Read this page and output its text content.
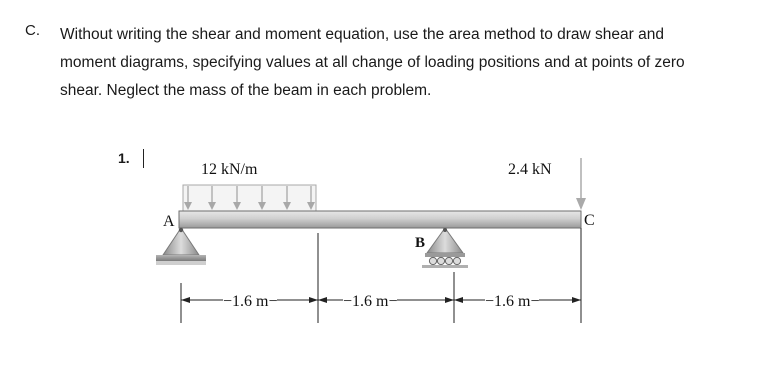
C. Without writing the shear and moment equation, use the area method to draw shear and
moment diagrams, specifying values at all change of loading positions and at points of zero
shear. Neglect the mass of the beam in each problem.
1.
12 kN/m	2.4 kN
A
B
C
−1.6 m−	−1.6 m−	−1.6 m−
